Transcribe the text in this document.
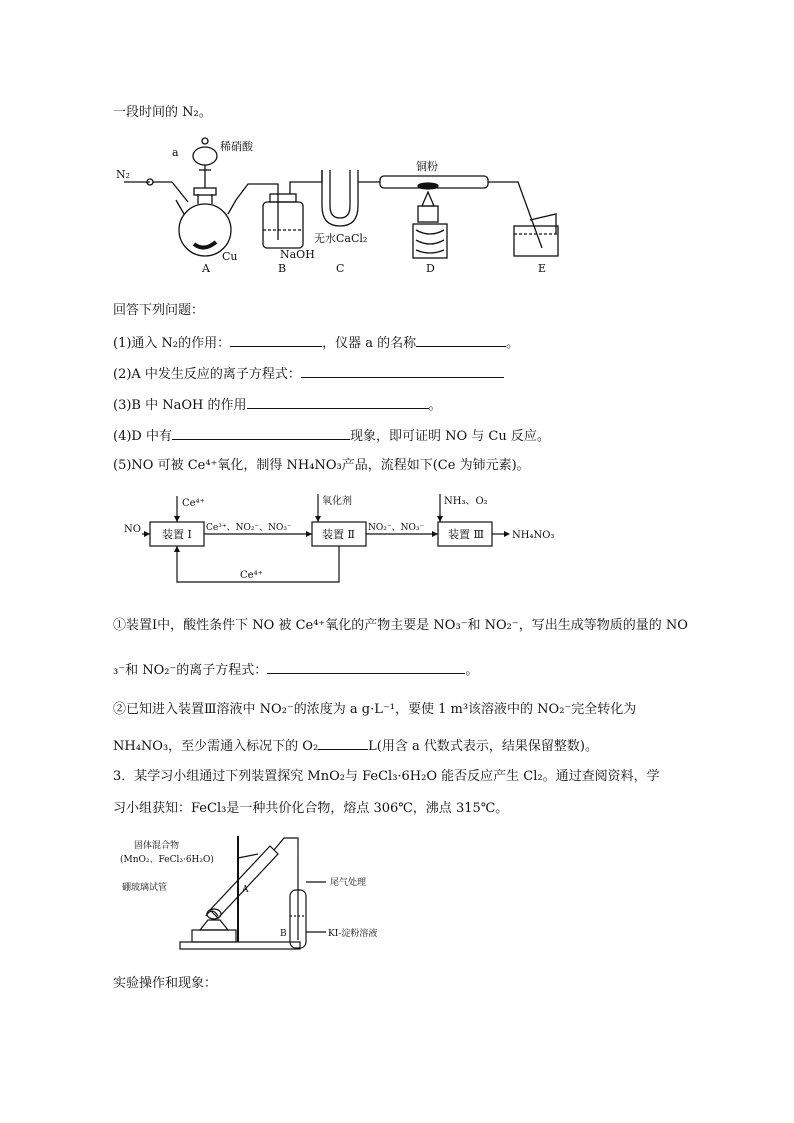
一段时间的 N₂。
N₂
a	稀硝酸
Cu
铜粉
NaOH
无水CaCl₂
A	B	C	D	E
回答下列问题：
(1)通入 N₂的作用：	，仪器 a 的名称	。
(2)A 中发生反应的离子方程式：
(3)B 中 NaOH 的作用	。
(4)D 中有	现象，即可证明 NO 与 Cu 反应。
(5)NO 可被 Ce⁴⁺氧化，制得 NH₄NO₃产品，流程如下(Ce 为铈元素)。
NO 装置 Ⅰ	装置 Ⅱ	装置 Ⅲ
Ce⁴⁺	氧化剂	NH₃、O₂
Ce³⁺、NO₂⁻、NO₃⁻	NO₂⁻、NO₃⁻
NH₄NO₃
Ce⁴⁺
①装置Ⅰ中，酸性条件下 NO 被 Ce⁴⁺氧化的产物主要是 NO₃⁻和 NO₂⁻，写出生成等物质的量的 NO
₃⁻和 NO₂⁻的离子方程式：	。
②已知进入装置Ⅲ溶液中 NO₂⁻的浓度为 a g·L⁻¹，要使 1 m³该溶液中的 NO₂⁻完全转化为
NH₄NO₃，至少需通入标况下的 O₂	L(用含 a 代数式表示，结果保留整数)。
3．某学习小组通过下列装置探究 MnO₂与 FeCl₃·6H₂O 能否反应产生 Cl₂。通过查阅资料，学
习小组获知：FeCl₃是一种共价化合物，熔点 306℃，沸点 315℃。
固体混合物
(MnO₂、FeCl₃·6H₂O)
硼玻璃试管	A
B
尾气处理
KI-淀粉溶液
实验操作和现象：
